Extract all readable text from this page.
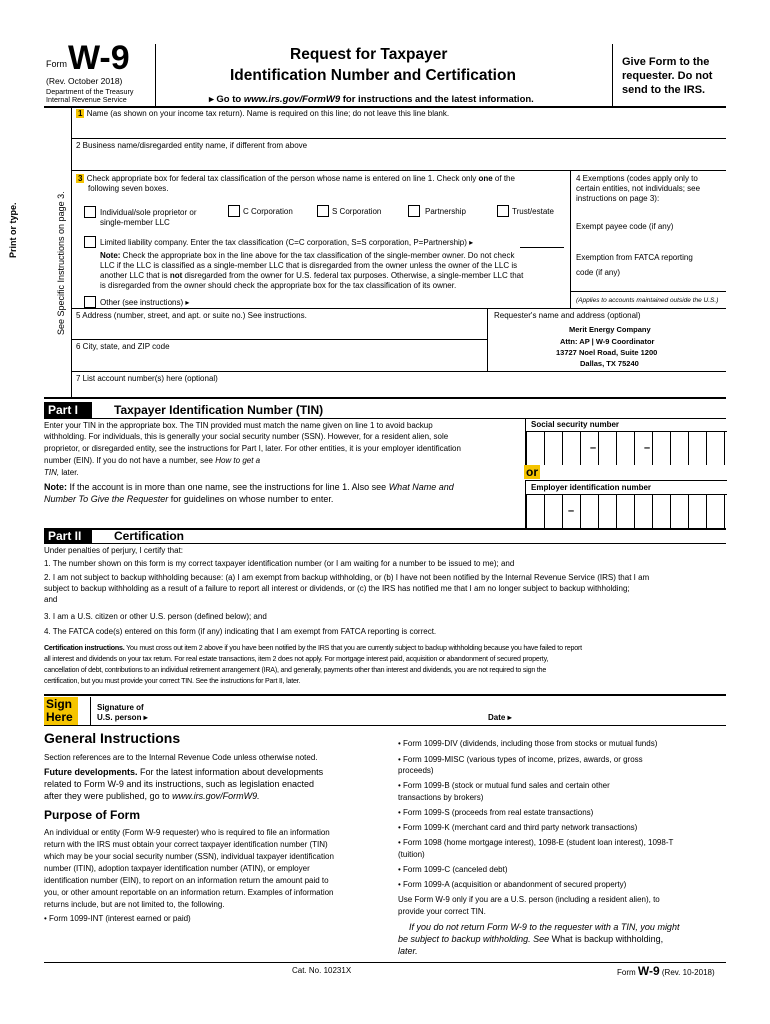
Form W-9
(Rev. October 2018)
Department of the Treasury
Internal Revenue Service
Request for Taxpayer
Identification Number and Certification
▸ Go to www.irs.gov/FormW9 for instructions and the latest information.
Give Form to the requester. Do not send to the IRS.
Print or type.	See Specific Instructions on page 3.
1 Name (as shown on your income tax return). Name is required on this line; do not leave this line blank.
2 Business name/disregarded entity name, if different from above
3 Check appropriate box for federal tax classification of the person whose name is entered on line 1. Check only one of the
following seven boxes.
Individual/sole proprietor or
single-member LLC
C Corporation	S Corporation	Partnership	Trust/estate
Limited liability company. Enter the tax classification (C=C corporation, S=S corporation, P=Partnership) ▸
Note: Check the appropriate box in the line above for the tax classification of the single-member owner. Do not check
LLC if the LLC is classified as a single-member LLC that is disregarded from the owner unless the owner of the LLC is
another LLC that is not disregarded from the owner for U.S. federal tax purposes. Otherwise, a single-member LLC that
is disregarded from the owner should check the appropriate box for the tax classification of its owner.
Other (see instructions) ▸
4 Exemptions (codes apply only to
certain entities, not individuals; see
instructions on page 3):
Exempt payee code (if any)
Exemption from FATCA reporting
code (if any)
(Applies to accounts maintained outside the U.S.)
5 Address (number, street, and apt. or suite no.) See instructions.	Requester's name and address (optional)
Merit Energy Company
Attn: AP | W-9 Coordinator
13727 Noel Road, Suite 1200
Dallas, TX 75240
6 City, state, and ZIP code
7 List account number(s) here (optional)
Part I	Taxpayer Identification Number (TIN)
Enter your TIN in the appropriate box. The TIN provided must match the name given on line 1 to avoid backup
withholding. For individuals, this is generally your social security number (SSN). However, for a resident alien, sole
proprietor, or disregarded entity, see the instructions for Part I, later. For other entities, it is your employer identification
number (EIN). If you do not have a number, see How to get a
TIN, later.
Note: If the account is in more than one name, see the instructions for line 1. Also see What Name and
Number To Give the Requester for guidelines on whose number to enter.
Social security number
–	–
or
Employer identification number
–
Part II	Certification
Under penalties of perjury, I certify that:
1. The number shown on this form is my correct taxpayer identification number (or I am waiting for a number to be issued to me); and
2. I am not subject to backup withholding because: (a) I am exempt from backup withholding, or (b) I have not been notified by the Internal Revenue Service (IRS) that I am
subject to backup withholding as a result of a failure to report all interest or dividends, or (c) the IRS has notified me that I am no longer subject to backup withholding;
and
3. I am a U.S. citizen or other U.S. person (defined below); and
4. The FATCA code(s) entered on this form (if any) indicating that I am exempt from FATCA reporting is correct.
Certification instructions. You must cross out item 2 above if you have been notified by the IRS that you are currently subject to backup withholding because you have failed to report
all interest and dividends on your tax return. For real estate transactions, item 2 does not apply. For mortgage interest paid, acquisition or abandonment of secured property,
cancellation of debt, contributions to an individual retirement arrangement (IRA), and generally, payments other than interest and dividends, you are not required to sign the
certification, but you must provide your correct TIN. See the instructions for Part II, later.
Sign
Here
Signature of
U.S. person ▸	Date ▸
General Instructions
Section references are to the Internal Revenue Code unless otherwise noted.
Future developments. For the latest information about developments
related to Form W-9 and its instructions, such as legislation enacted
after they were published, go to www.irs.gov/FormW9.
Purpose of Form
An individual or entity (Form W-9 requester) who is required to file an information
return with the IRS must obtain your correct taxpayer identification number (TIN)
which may be your social security number (SSN), individual taxpayer identification
number (ITIN), adoption taxpayer identification number (ATIN), or employer
identification number (EIN), to report on an information return the amount paid to
you, or other amount reportable on an information return. Examples of information
returns include, but are not limited to, the following.
• Form 1099-INT (interest earned or paid)
• Form 1099-DIV (dividends, including those from stocks or mutual funds)
• Form 1099-MISC (various types of income, prizes, awards, or gross
proceeds)
• Form 1099-B (stock or mutual fund sales and certain other
transactions by brokers)
• Form 1099-S (proceeds from real estate transactions)
• Form 1099-K (merchant card and third party network transactions)
• Form 1098 (home mortgage interest), 1098-E (student loan interest), 1098-T
(tuition)
• Form 1099-C (canceled debt)
• Form 1099-A (acquisition or abandonment of secured property)
Use Form W-9 only if you are a U.S. person (including a resident alien), to
provide your correct TIN.
If you do not return Form W-9 to the requester with a TIN, you might
be subject to backup withholding. See What is backup withholding,
later.
Cat. No. 10231X	Form W-9 (Rev. 10-2018)
